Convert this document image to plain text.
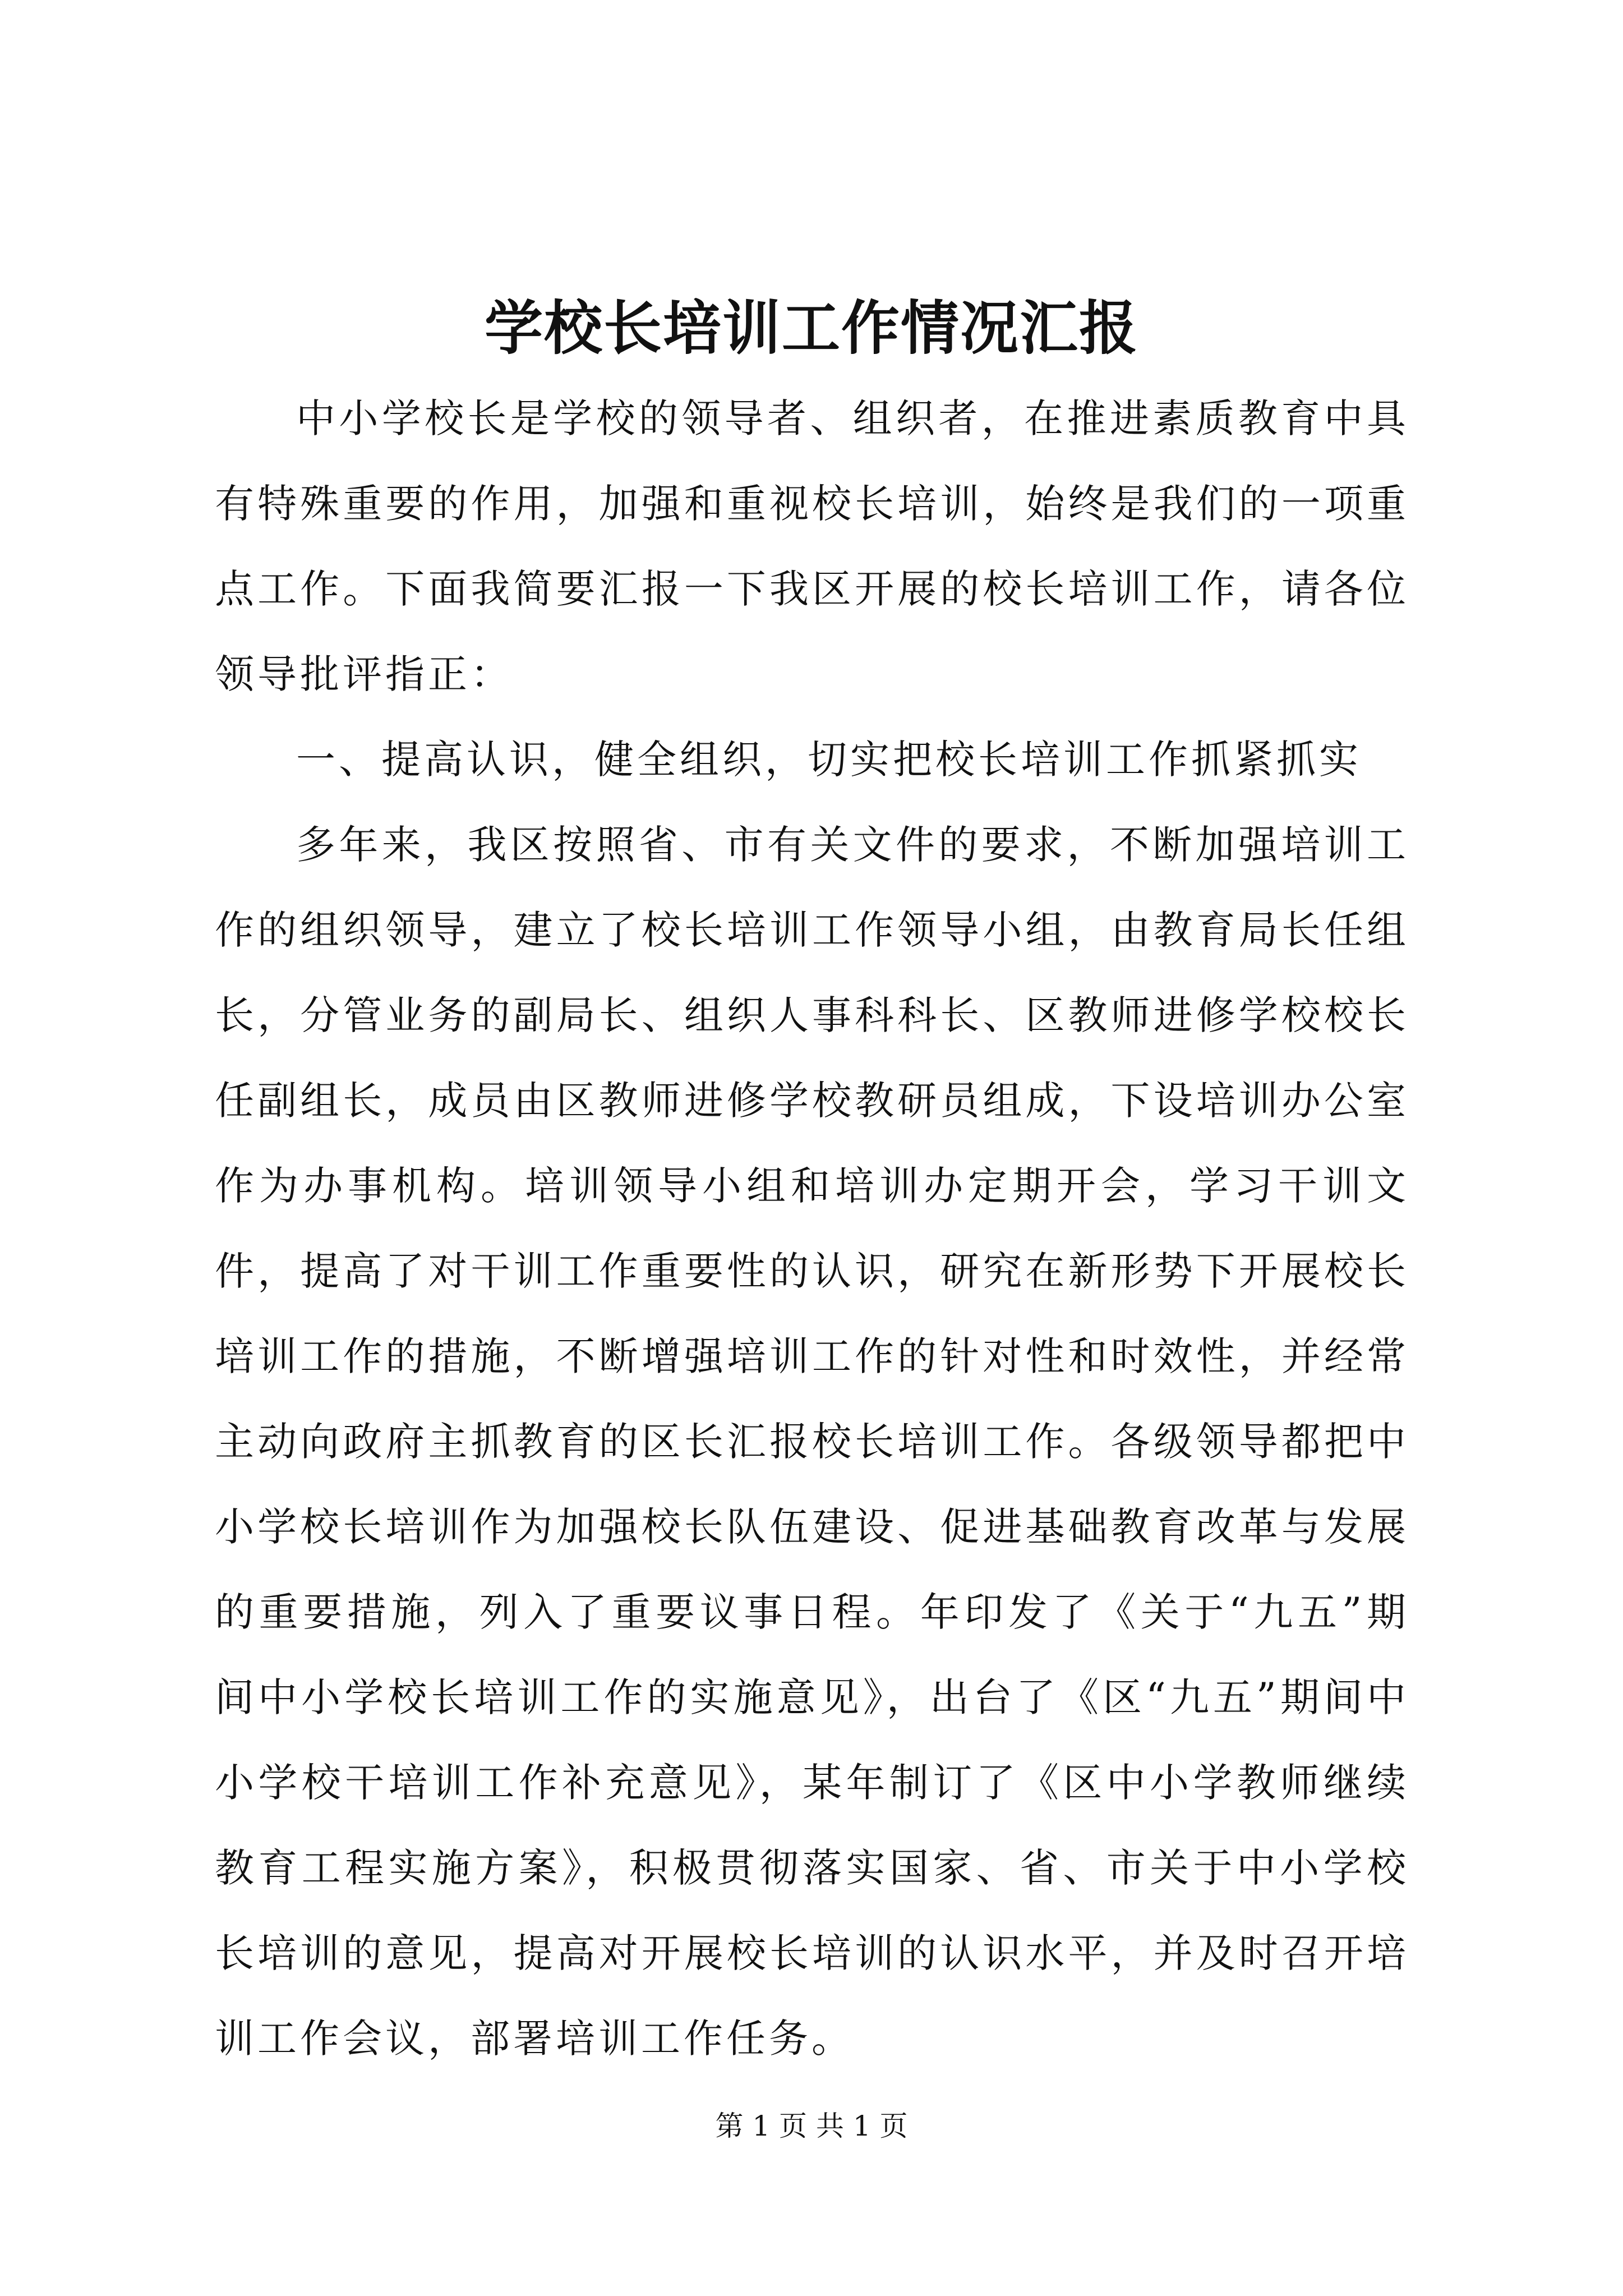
学校长培训工作情况汇报

中小学校长是学校的领导者、组织者，在推进素质教育中具有特殊重要的作用，加强和重视校长培训，始终是我们的一项重点工作。下面我简要汇报一下我区开展的校长培训工作，请各位领导批评指正：

一、提高认识，健全组织，切实把校长培训工作抓紧抓实

多年来，我区按照省、市有关文件的要求，不断加强培训工作的组织领导，建立了校长培训工作领导小组，由教育局长任组长，分管业务的副局长、组织人事科科长、区教师进修学校校长任副组长，成员由区教师进修学校教研员组成，下设培训办公室作为办事机构。培训领导小组和培训办定期开会，学习干训文件，提高了对干训工作重要性的认识，研究在新形势下开展校长培训工作的措施，不断增强培训工作的针对性和时效性，并经常主动向政府主抓教育的区长汇报校长培训工作。各级领导都把中小学校长培训作为加强校长队伍建设、促进基础教育改革与发展的重要措施，列入了重要议事日程。年印发了《关于“九五”期间中小学校长培训工作的实施意见》，出台了《区“九五”期间中小学校干培训工作补充意见》，某年制订了《区中小学教师继续教育工程实施方案》，积极贯彻落实国家、省、市关于中小学校长培训的意见，提高对开展校长培训的认识水平，并及时召开培训工作会议，部署培训工作任务。

第 1 页 共 1 页
